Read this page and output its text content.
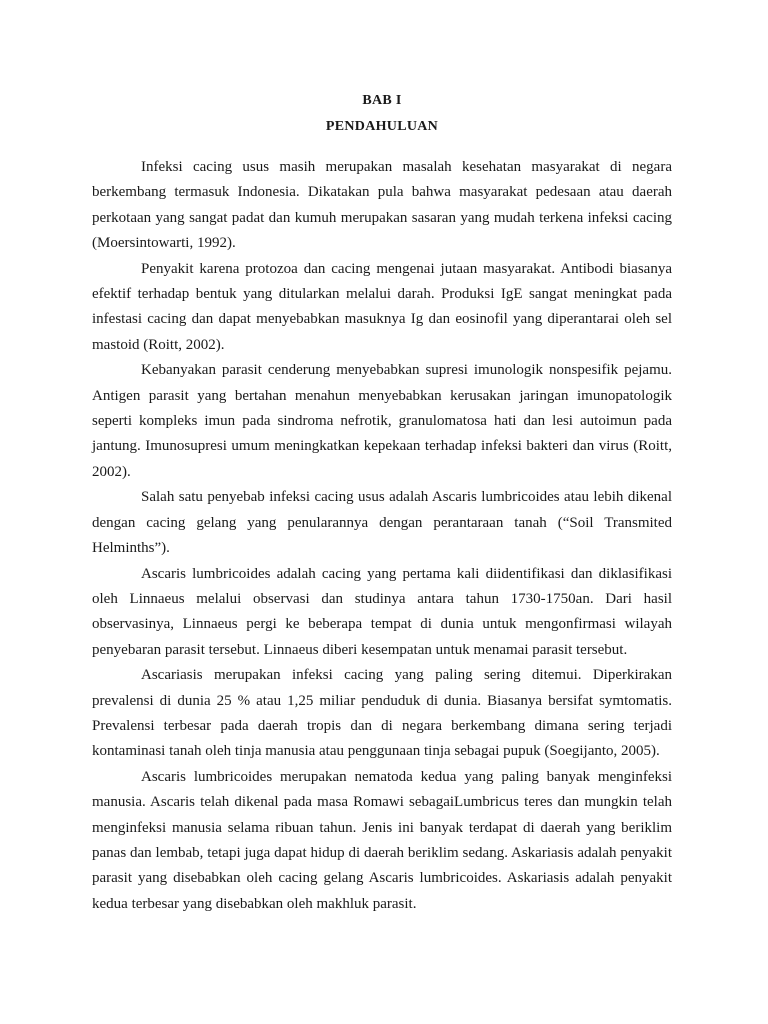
BAB I
PENDAHULUAN

Infeksi cacing usus masih merupakan masalah kesehatan masyarakat di negara berkembang termasuk Indonesia. Dikatakan pula bahwa masyarakat pedesaan atau daerah perkotaan yang sangat padat dan kumuh merupakan sasaran yang mudah terkena infeksi cacing (Moersintowarti, 1992).

Penyakit karena protozoa dan cacing mengenai jutaan masyarakat. Antibodi biasanya efektif terhadap bentuk yang ditularkan melalui darah. Produksi IgE sangat meningkat pada infestasi cacing dan dapat menyebabkan masuknya Ig dan eosinofil yang diperantarai oleh sel mastoid (Roitt, 2002).

Kebanyakan parasit cenderung menyebabkan supresi imunologik nonspesifik pejamu. Antigen parasit yang bertahan menahun menyebabkan kerusakan jaringan imunopatologik seperti kompleks imun pada sindroma nefrotik, granulomatosa hati dan lesi autoimun pada jantung. Imunosupresi umum meningkatkan kepekaan terhadap infeksi bakteri dan virus (Roitt, 2002).

Salah satu penyebab infeksi cacing usus adalah Ascaris lumbricoides atau lebih dikenal dengan cacing gelang yang penularannya dengan perantaraan tanah (“Soil Transmited Helminths”).

Ascaris lumbricoides adalah cacing yang pertama kali diidentifikasi dan diklasifikasi oleh Linnaeus melalui observasi dan studinya antara tahun 1730-1750an. Dari hasil observasinya, Linnaeus pergi ke beberapa tempat di dunia untuk mengonfirmasi wilayah penyebaran parasit tersebut. Linnaeus diberi kesempatan untuk menamai parasit tersebut.

Ascariasis merupakan infeksi cacing yang paling sering ditemui. Diperkirakan prevalensi di dunia 25 % atau 1,25 miliar penduduk di dunia. Biasanya bersifat symtomatis. Prevalensi terbesar pada daerah tropis dan di negara berkembang dimana sering terjadi kontaminasi tanah oleh tinja manusia atau penggunaan tinja sebagai pupuk (Soegijanto, 2005).

Ascaris lumbricoides merupakan nematoda kedua yang paling banyak menginfeksi manusia. Ascaris telah dikenal pada masa Romawi sebagaiLumbricus teres dan mungkin telah menginfeksi manusia selama ribuan tahun. Jenis ini banyak terdapat di daerah yang beriklim panas dan lembab, tetapi juga dapat hidup di daerah beriklim sedang. Askariasis adalah penyakit parasit yang disebabkan oleh cacing gelang Ascaris lumbricoides. Askariasis adalah penyakit kedua terbesar yang disebabkan oleh makhluk parasit.
